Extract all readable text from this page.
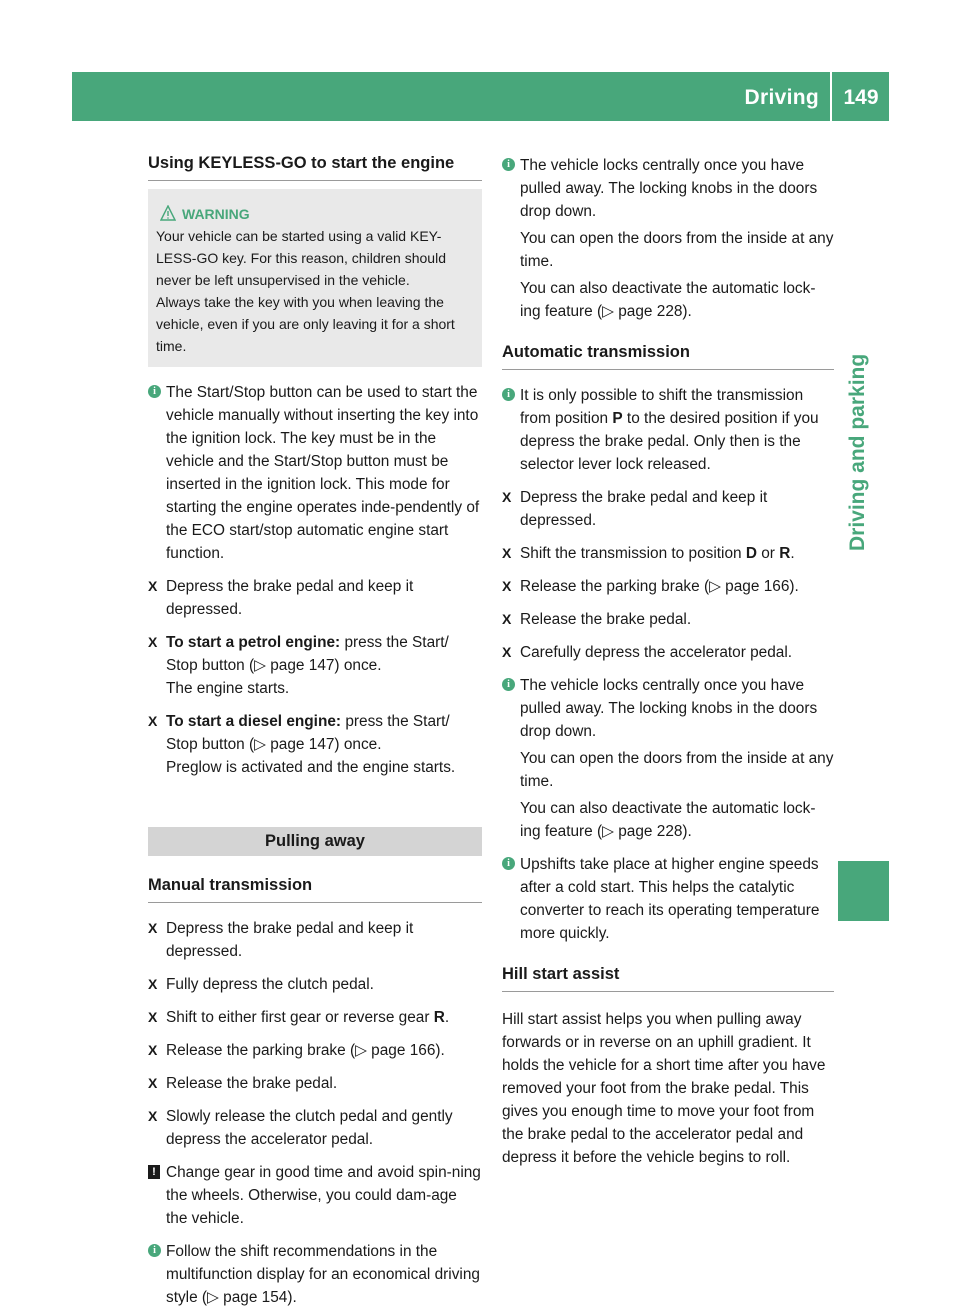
Driving	149
Driving and parking
Using KEYLESS-GO to start the engine
WARNING

Your vehicle can be started using a valid KEY-LESS-GO key. For this reason, children should never be left unsupervised in the vehicle.

Always take the key with you when leaving the vehicle, even if you are only leaving it for a short time.

i The Start/Stop button can be used to start the vehicle manually without inserting the key into the ignition lock. The key must be in the vehicle and the Start/Stop button must be inserted in the ignition lock. This mode for starting the engine operates inde-pendently of the ECO start/stop automatic engine start function.

X Depress the brake pedal and keep it depressed.

X To start a petrol engine: press the Start/ Stop button (▷ page 147) once.

The engine starts.

X To start a diesel engine: press the Start/ Stop button (▷ page 147) once.

Preglow is activated and the engine starts.

Pulling away
Manual transmission
X Depress the brake pedal and keep it depressed.

X Fully depress the clutch pedal.

X Shift to either first gear or reverse gear R.

X Release the parking brake (▷ page 166).

X Release the brake pedal.

X Slowly release the clutch pedal and gently depress the accelerator pedal.

! Change gear in good time and avoid spin-ning the wheels. Otherwise, you could dam-age the vehicle.

i Follow the shift recommendations in the multifunction display for an economical driving style (▷ page 154).

i The vehicle locks centrally once you have pulled away. The locking knobs in the doors drop down.

You can open the doors from the inside at any time.

You can also deactivate the automatic lock-ing feature (▷ page 228).

Automatic transmission
i It is only possible to shift the transmission from position P to the desired position if you depress the brake pedal. Only then is the selector lever lock released.

X Depress the brake pedal and keep it depressed.

X Shift the transmission to position D or R.

X Release the parking brake (▷ page 166).

X Release the brake pedal.

X Carefully depress the accelerator pedal.

i The vehicle locks centrally once you have pulled away. The locking knobs in the doors drop down.

You can open the doors from the inside at any time.

You can also deactivate the automatic lock-ing feature (▷ page 228).

i Upshifts take place at higher engine speeds after a cold start. This helps the catalytic converter to reach its operating temperature more quickly.

Hill start assist

Hill start assist helps you when pulling away forwards or in reverse on an uphill gradient. It holds the vehicle for a short time after you have removed your foot from the brake pedal. This gives you enough time to move your foot from the brake pedal to the accelerator pedal and depress it before the vehicle begins to roll.
